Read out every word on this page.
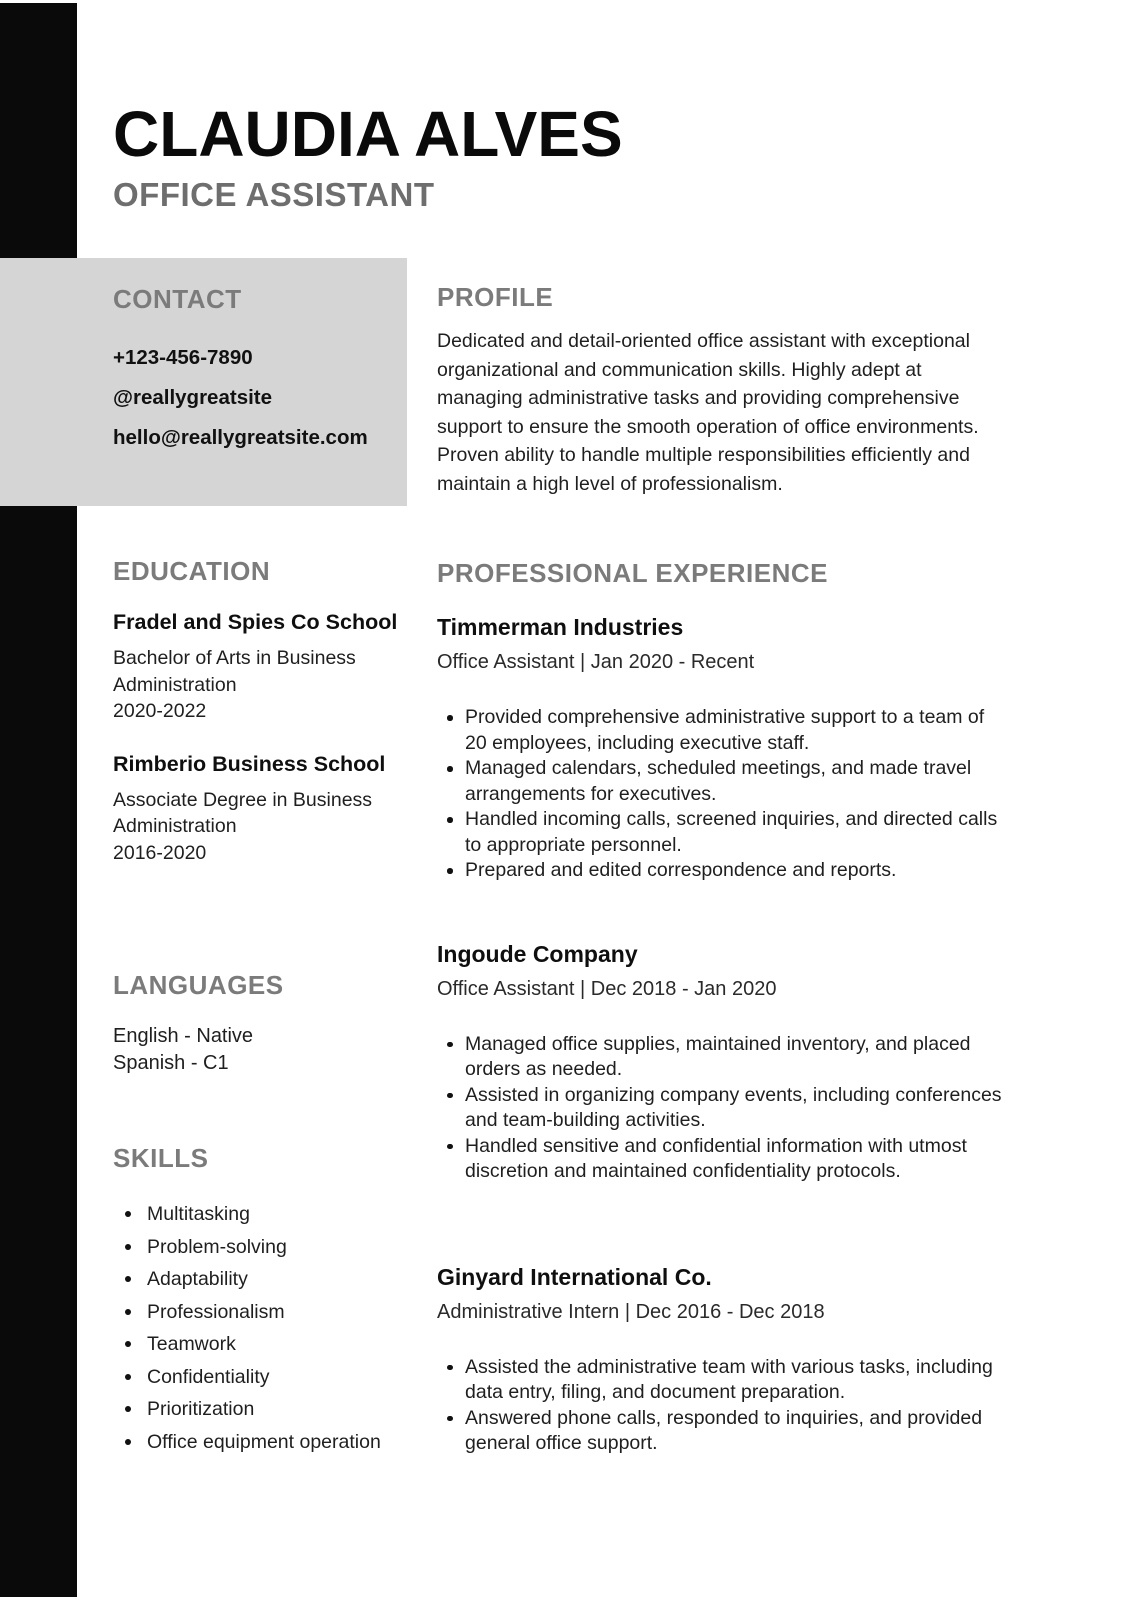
CLAUDIA ALVES
OFFICE ASSISTANT
CONTACT
+123-456-7890
@reallygreatsite
hello@reallygreatsite.com
EDUCATION
Fradel and Spies Co School

Bachelor of Arts in Business Administration
2020-2022

Rimberio Business School

Associate Degree in Business Administration
2016-2020

LANGUAGES

English - Native
Spanish - C1

SKILLS
Multitasking
Problem-solving
Adaptability
Professionalism
Teamwork
Confidentiality
Prioritization
Office equipment operation
PROFILE

Dedicated and detail-oriented office assistant with exceptional organizational and communication skills. Highly adept at managing administrative tasks and providing comprehensive support to ensure the smooth operation of office environments. Proven ability to handle multiple responsibilities efficiently and maintain a high level of professionalism.

PROFESSIONAL EXPERIENCE
Timmerman Industries
Office Assistant | Jan 2020 - Recent
Provided comprehensive administrative support to a team of 20 employees, including executive staff.
Managed calendars, scheduled meetings, and made travel arrangements for executives.
Handled incoming calls, screened inquiries, and directed calls to appropriate personnel.
Prepared and edited correspondence and reports.
Ingoude Company
Office Assistant | Dec 2018 - Jan 2020
Managed office supplies, maintained inventory, and placed orders as needed.
Assisted in organizing company events, including conferences and team-building activities.
Handled sensitive and confidential information with utmost discretion and maintained confidentiality protocols.
Ginyard International Co.
Administrative Intern | Dec 2016 - Dec 2018
Assisted the administrative team with various tasks, including data entry, filing, and document preparation.
Answered phone calls, responded to inquiries, and provided general office support.
